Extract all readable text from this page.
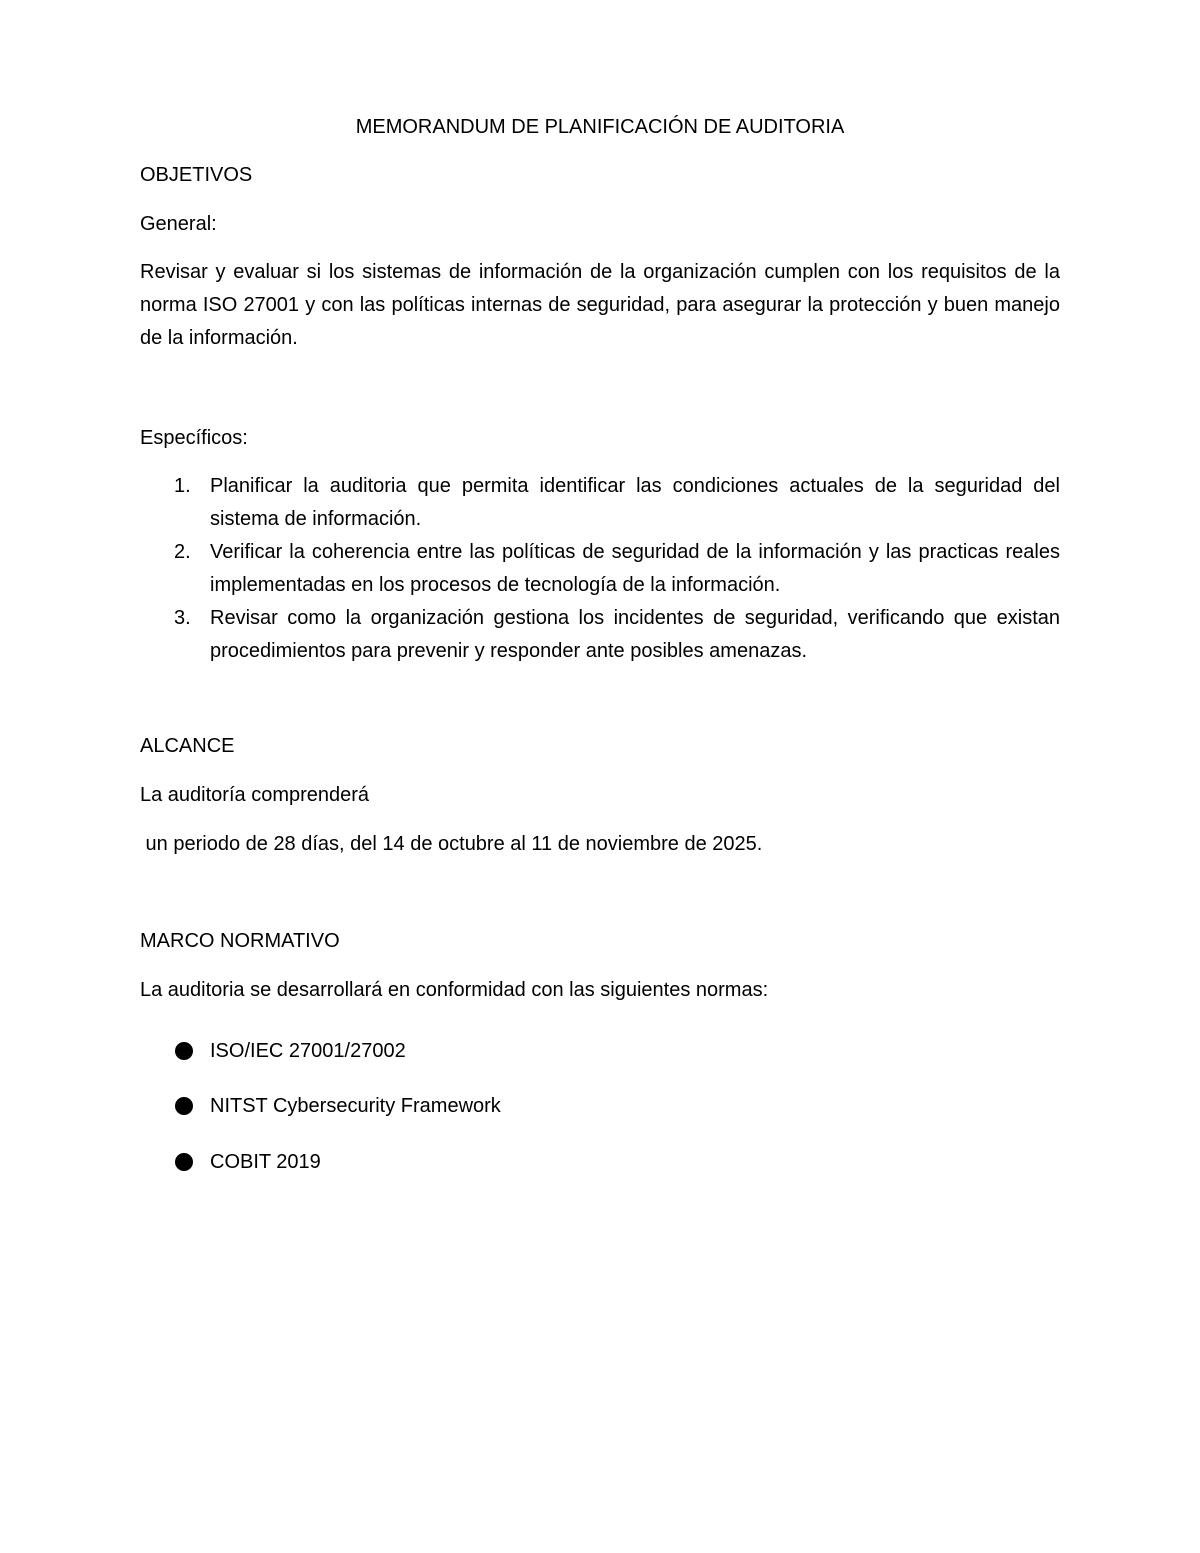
MEMORANDUM DE PLANIFICACIÓN DE AUDITORIA
OBJETIVOS
General:
Revisar y evaluar si los sistemas de información de la organización cumplen con los requisitos de la norma ISO 27001 y con las políticas internas de seguridad, para asegurar la protección y buen manejo de la información.
Específicos:
1. Planificar la auditoria que permita identificar las condiciones actuales de la seguridad del sistema de información.
2. Verificar la coherencia entre las políticas de seguridad de la información y las practicas reales implementadas en los procesos de tecnología de la información.
3. Revisar como la organización gestiona los incidentes de seguridad, verificando que existan procedimientos para prevenir y responder ante posibles amenazas.
ALCANCE
La auditoría comprenderá
un periodo de 28 días, del 14 de octubre al 11 de noviembre de 2025.
MARCO NORMATIVO
La auditoria se desarrollará en conformidad con las siguientes normas:
ISO/IEC 27001/27002
NITST Cybersecurity Framework
COBIT 2019
